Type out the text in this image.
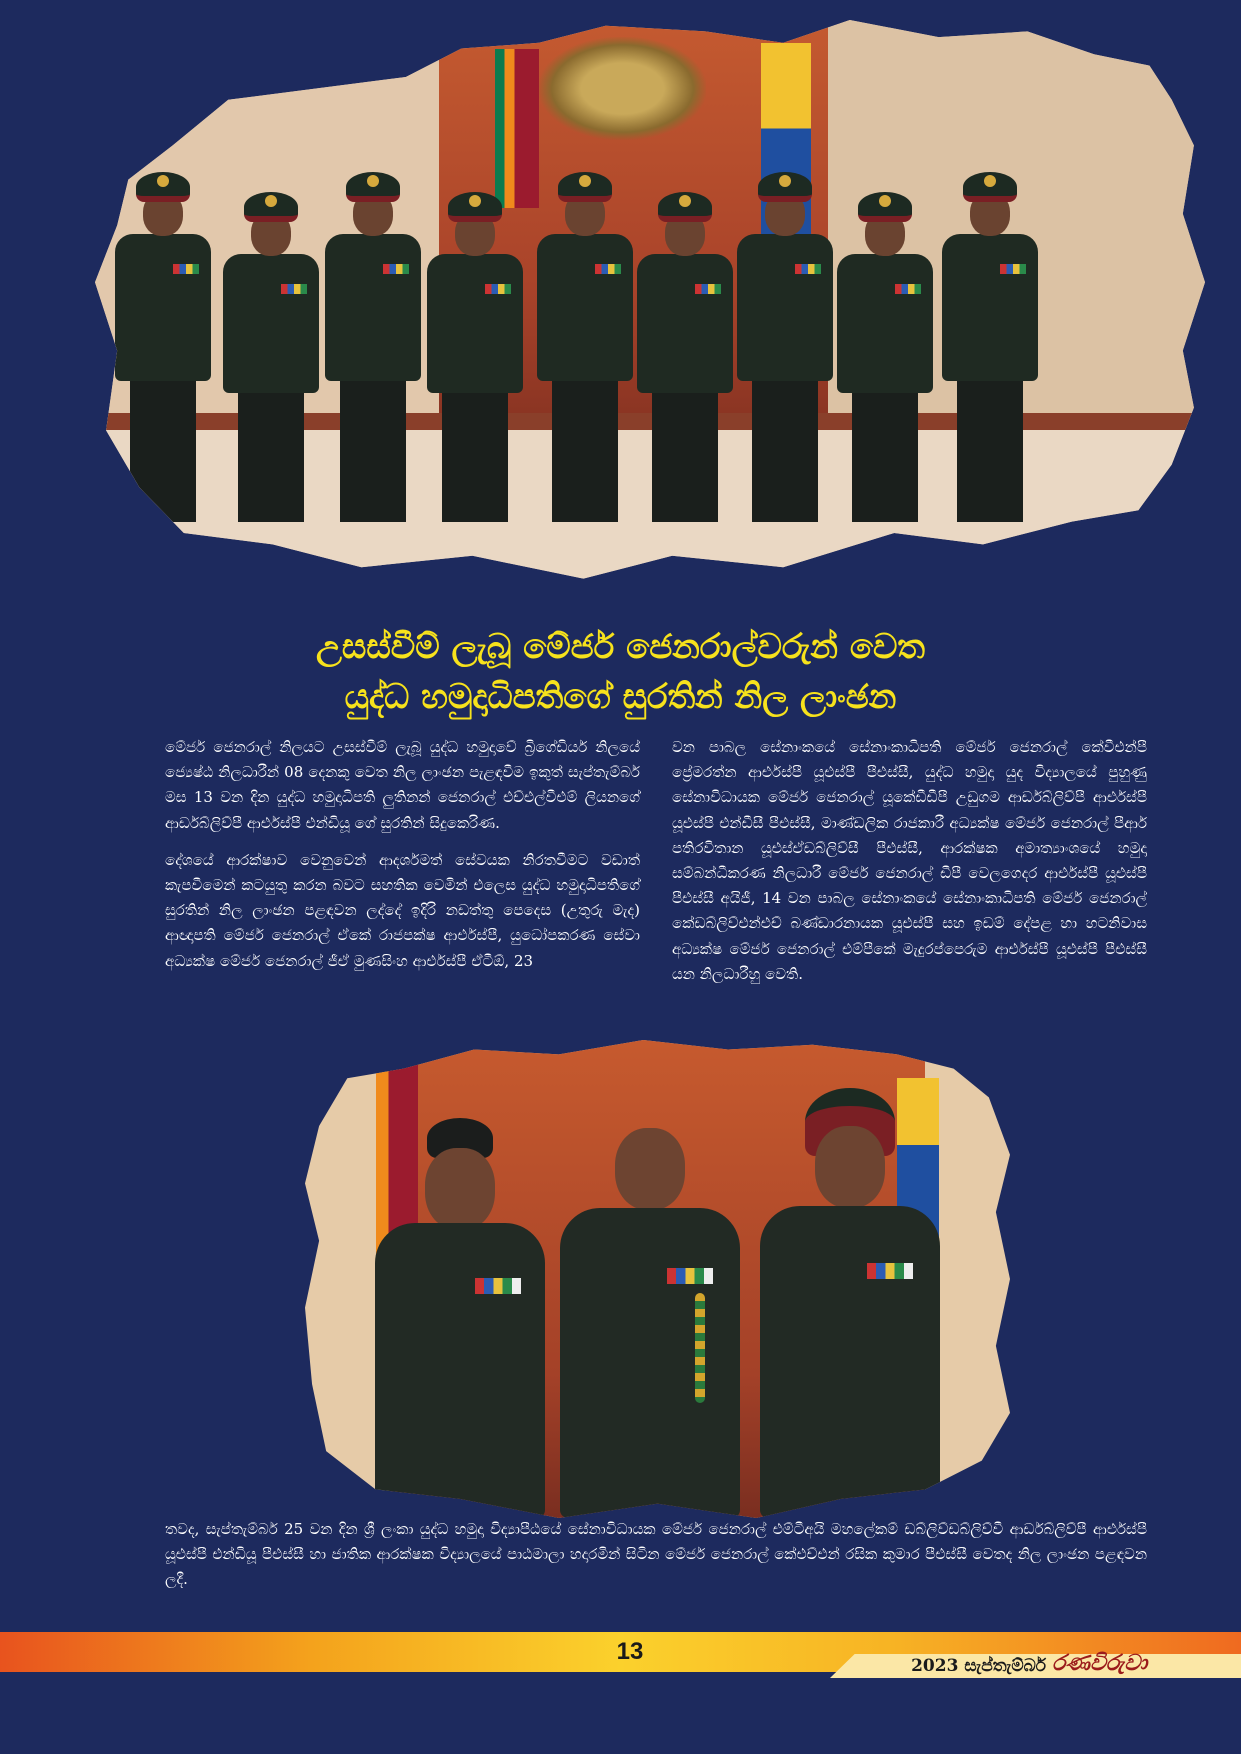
උසස්වීම් ලැබූ මේජර් ජෙනරාල්වරුන් වෙත
යුද්ධ හමුදාධිපතිගේ සුරතින් නිල ලාංඡන

මේජර් ජෙනරාල් නිලයට උසස්වීම් ලැබූ යුද්ධ හමුදාවේ බ්‍රිගේඩියර් නිලයේ ජ්‍යෙෂ්ඨ නිලධාරීන් 08 දෙනකු වෙත නිල ලාංඡන පැළඳවීම ඉකුත් සැප්තැම්බර් මස 13 වන දින යුද්ධ හමුදාධිපති ලුතිනන් ජෙනරාල් එච්එල්වීඑම් ලියනගේ ආර්ඩබ්ලිව්පී ආර්එස්පී එන්ඩියූ ගේ සුරතින් සිදුකෙරිණ.

දේශයේ ආරක්ෂාව වෙනුවෙන් ආදර්ශමත් සේවයක නිරතවීමට වඩාත් කැපවීමෙන් කටයුතු කරන බවට සහතික වෙමින් එලෙස යුද්ධ හමුදාධිපතිගේ සුරතින් නිල ලාංඡන පළඳවන ලද්දේ ඉදිරි නඩත්තු පෙදෙස (උතුරු මැද) ආඥාපති මේජර් ජෙනරාල් ඒකේ රාජපක්ෂ ආර්එස්පී, යුධෝපකරණ සේවා අධ්‍යක්ෂ මේජර් ජෙනරාල් ජීඒ මුණසිංහ ආර්එස්පී ඒටීඕ, 23

වන පාබල සේනාංකයේ සේනාංකාධිපති මේජර් ජෙනරාල් කේවීඑන්පී ප්‍රේමරත්න ආර්එස්පී යූඑස්පී පීඑස්සී, යුද්ධ හමුදා යුද විද්‍යාලයේ පුහුණු සේනාවිධායක මේජර් ජෙනරාල් යූකේඩීඩීපී උඩුගම ආර්ඩබ්ලිව්පී ආර්එස්පී යූඑස්පී එන්ඩීසී පීඑස්සී, මාණ්ඩලික රාජකාරී අධ්‍යක්ෂ මේජර් ජෙනරාල් පීආර් පතිරවිතාන යූඑස්ඒඩබ්ලිව්සී පීඑස්සී, ආරක්ෂක අමාත්‍යාංශයේ හමුදා සම්බන්ධීකරණ නිලධාරී මේජර් ජෙනරාල් ඩීපී වෙලගෙදර ආර්එස්පී යූඑස්පී පීඑස්සී අයිජී, 14 වන පාබල සේනාංකයේ සේනාංකාධිපති මේජර් ජෙනරාල් කේඩබ්ලිව්එන්එච් බණ්ඩාරනායක යූඑස්පී සහ ඉඩම් දේපළ හා හටනිවාස අධ්‍යක්ෂ මේජර් ජෙනරාල් එම්පීකේ මැදුරප්පෙරුම ආර්එස්පී යූඑස්පී පීඑස්සී යන නිලධාරීහු වෙති.

තවද, සැප්තැම්බර් 25 වන දින ශ්‍රී ලංකා යුද්ධ හමුදා විද්‍යාපීඨයේ සේනාවිධායක මේජර් ජෙනරාල් එම්ටීඅයි මහලේකම් ඩබ්ලිව්ඩබ්ලිව්වී ආර්ඩබ්ලිව්පී ආර්එස්පී යූඑස්පී එන්ඩියූ පීඑස්සී හා ජාතික ආරක්ෂක විද්‍යාලයේ පාඨමාලා හදාරමින් සිටින මේජර් ජෙනරාල් කේඑච්එන් රසික කුමාර පීඑස්සී වෙතද නිල ලාංඡන පළඳවන ලදී.

13
2023 සැප්තැම්බර් රණවිරුවා
